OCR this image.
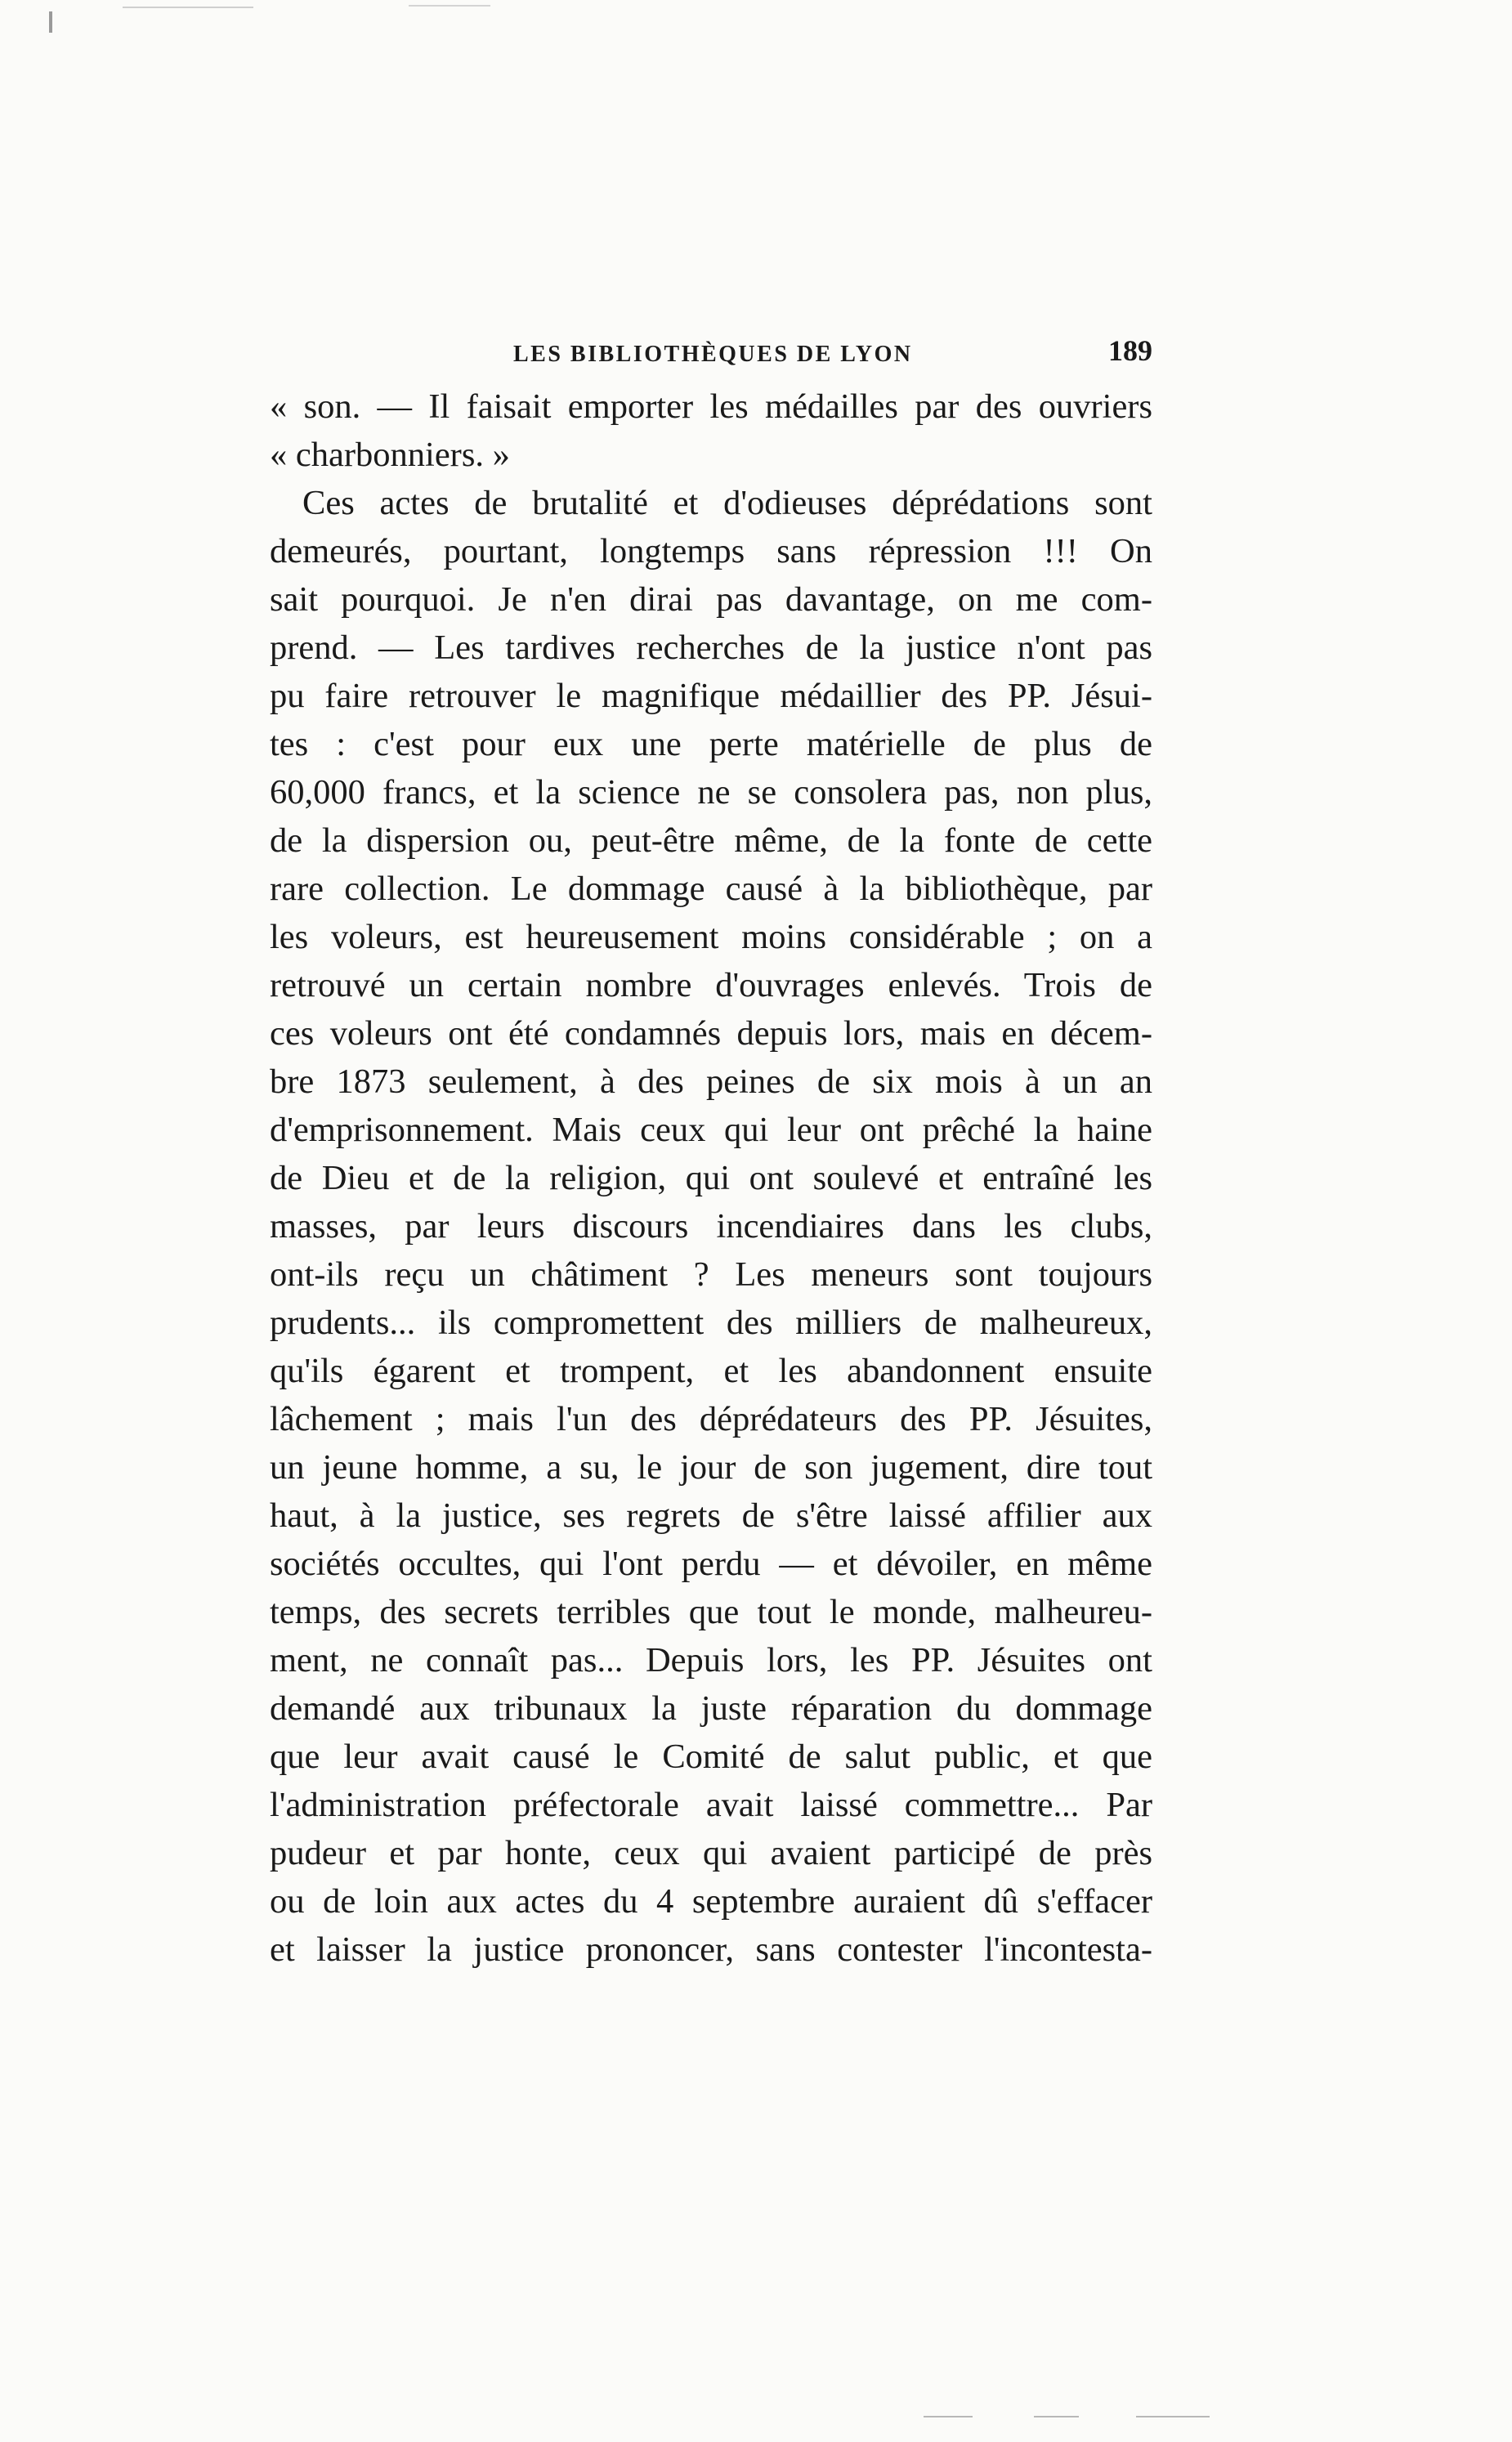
LES BIBLIOTHÈQUES DE LYON	189
« son. — Il faisait emporter les médailles par des ouvriers
« charbonniers. »
Ces actes de brutalité et d'odieuses déprédations sont
demeurés, pourtant, longtemps sans répression !!! On
sait pourquoi. Je n'en dirai pas davantage, on me com-
prend. — Les tardives recherches de la justice n'ont pas
pu faire retrouver le magnifique médaillier des PP. Jésui-
tes : c'est pour eux une perte matérielle de plus de
60,000 francs, et la science ne se consolera pas, non plus,
de la dispersion ou, peut-être même, de la fonte de cette
rare collection. Le dommage causé à la bibliothèque, par
les voleurs, est heureusement moins considérable ; on a
retrouvé un certain nombre d'ouvrages enlevés. Trois de
ces voleurs ont été condamnés depuis lors, mais en décem-
bre 1873 seulement, à des peines de six mois à un an
d'emprisonnement. Mais ceux qui leur ont prêché la haine
de Dieu et de la religion, qui ont soulevé et entraîné les
masses, par leurs discours incendiaires dans les clubs,
ont-ils reçu un châtiment ? Les meneurs sont toujours
prudents... ils compromettent des milliers de malheureux,
qu'ils égarent et trompent, et les abandonnent ensuite
lâchement ; mais l'un des déprédateurs des PP. Jésuites,
un jeune homme, a su, le jour de son jugement, dire tout
haut, à la justice, ses regrets de s'être laissé affilier aux
sociétés occultes, qui l'ont perdu — et dévoiler, en même
temps, des secrets terribles que tout le monde, malheureu-
ment, ne connaît pas... Depuis lors, les PP. Jésuites ont
demandé aux tribunaux la juste réparation du dommage
que leur avait causé le Comité de salut public, et que
l'administration préfectorale avait laissé commettre... Par
pudeur et par honte, ceux qui avaient participé de près
ou de loin aux actes du 4 septembre auraient dû s'effacer
et laisser la justice prononcer, sans contester l'incontesta-
